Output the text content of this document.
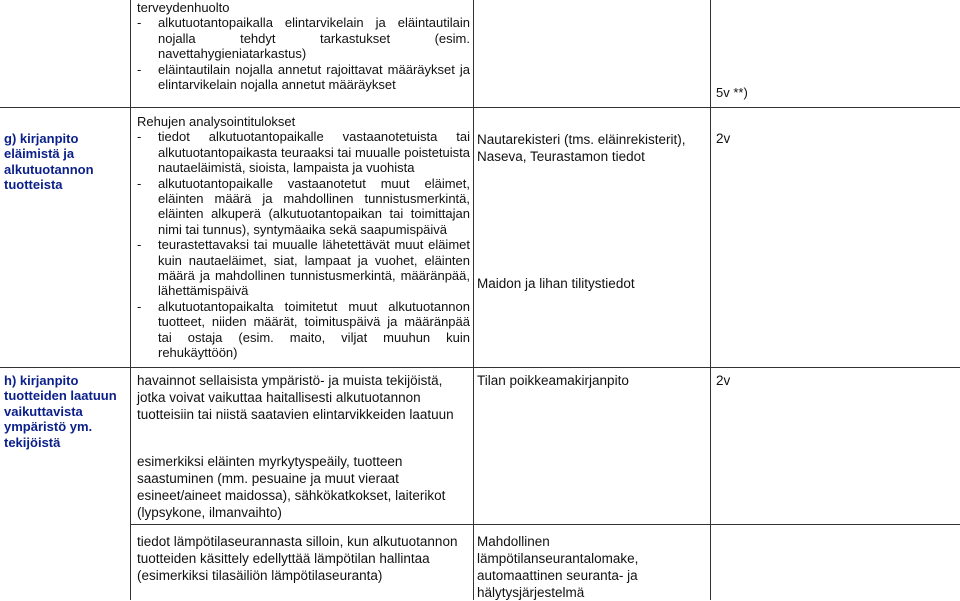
terveydenhuolto
- alkutuotantopaikalla elintarvikelain ja eläintautilain nojalla tehdyt tarkastukset (esim. navettahygieniatarkastus)
- eläintautilain nojalla annetut rajoittavat määräykset ja elintarvikelain nojalla annetut määräykset
5v **)
g) kirjanpito eläimistä ja alkutuotannon tuotteista
Rehujen analysointitulokset
- tiedot alkutuotantopaikalle vastaanotetuista tai alkutuotantopaikasta teuraaksi tai muualle poistetuista nautaeläimistä, sioista, lampaista ja vuohista
- alkutuotantopaikalle vastaanotetut muut eläimet, eläinten määrä ja mahdollinen tunnistusmerkintä, eläinten alkuperä (alkutuotantopaikan tai toimittajan nimi tai tunnus), syntymäaika sekä saapumispäivä
- teurastettavaksi tai muualle lähetettävät muut eläimet kuin nautaeläimet, siat, lampaat ja vuohet, eläinten määrä ja mahdollinen tunnistusmerkintä, määränpää, lähettämispäivä
- alkutuotantopaikalta toimitetut muut alkutuotannon tuotteet, niiden määrät, toimituspäivä ja määränpää tai ostaja (esim. maito, viljat muuhun kuin rehukäyttöön)
Nautarekisteri (tms. eläinrekisterit), Naseva, Teurastamon tiedot
Maidon ja lihan tilitystiedot
2v
h) kirjanpito tuotteiden laatuun vaikuttavista ympäristö ym. tekijöistä
havainnot sellaisista ympäristö- ja muista tekijöistä, jotka voivat vaikuttaa haitallisesti alkutuotannon tuotteisiin tai niistä saatavien elintarvikkeiden laatuun
esimerkiksi eläinten myrkytyspeäily, tuotteen saastuminen (mm. pesuaine ja muut vieraat esineet/aineet maidossa), sähkökatkokset, laiterikot (lypsykone, ilmanvaihto)
Tilan poikkeamakirjanpito	2v
tiedot lämpötilaseurannasta silloin, kun alkutuotannon tuotteiden käsittely edellyttää lämpötilan hallintaa (esimerkiksi tilasäiliön lämpötilaseuranta)
Mahdollinen lämpötilanseurantalomake, automaattinen seuranta- ja hälytysjärjestelmä
